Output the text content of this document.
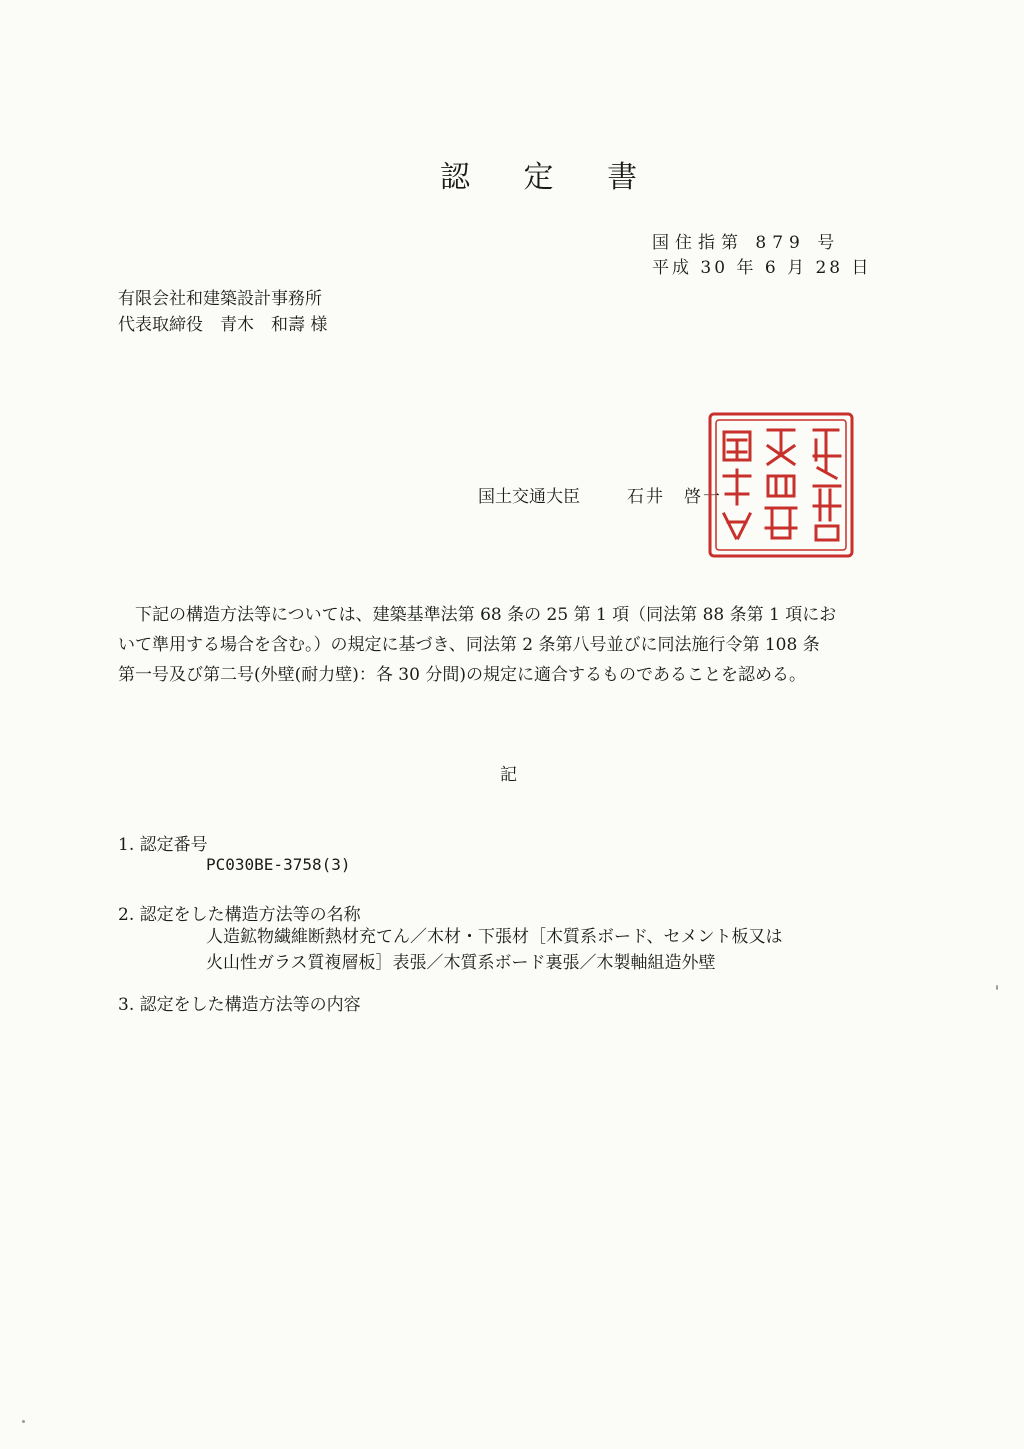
認 定 書
国住指第 879 号
平成 30 年 6 月 28 日
有限会社和建築設計事務所
代表取締役　青木　和壽 様
国土交通大臣	石井　啓一
　下記の構造方法等については、建築基準法第 68 条の 25 第 1 項（同法第 88 条第 1 項にお
いて準用する場合を含む。）の規定に基づき、同法第 2 条第八号並びに同法施行令第 108 条
第一号及び第二号(外壁(耐力壁)：各 30 分間)の規定に適合するものであることを認める。
記
1. 認定番号
PC030BE-3758(3)
2. 認定をした構造方法等の名称
人造鉱物繊維断熱材充てん／木材・下張材［木質系ボード、セメント板又は
火山性ガラス質複層板］表張／木質系ボード裏張／木製軸組造外壁
3. 認定をした構造方法等の内容
